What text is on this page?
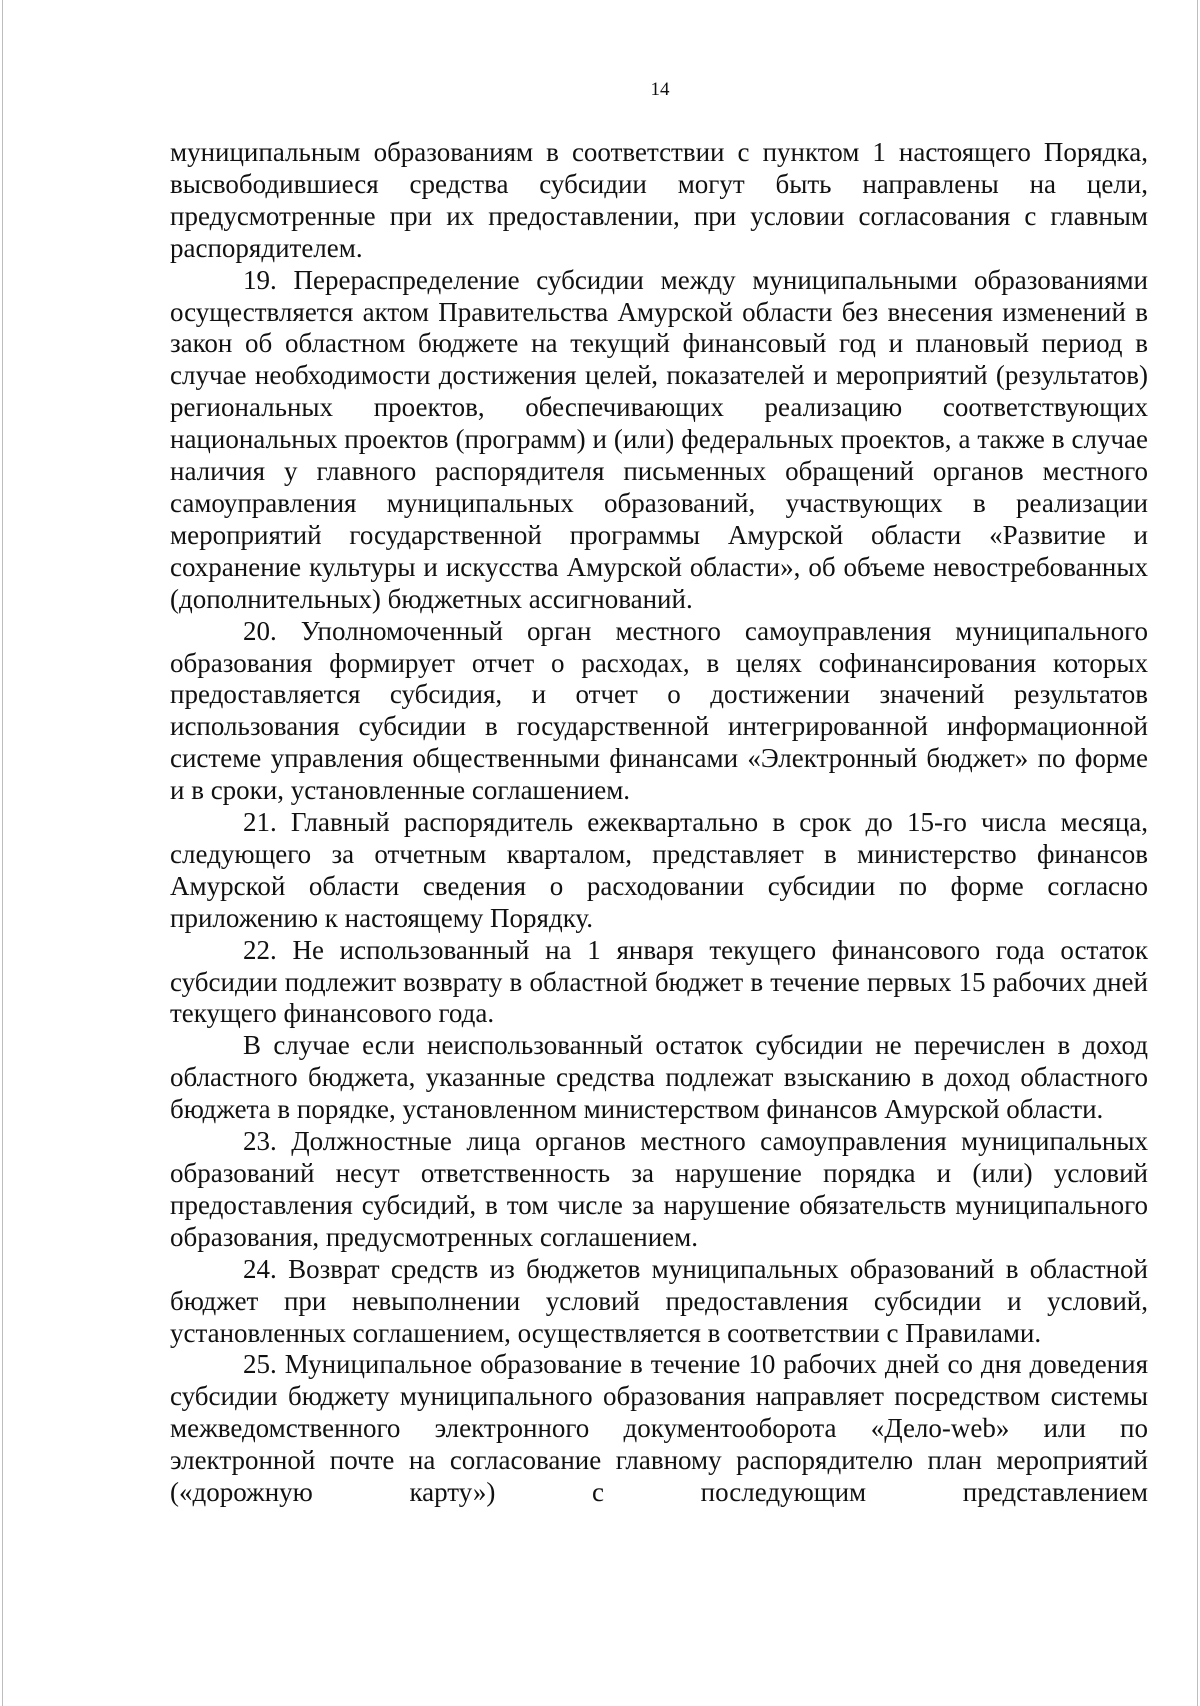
14

муниципальным образованиям в соответствии с пунктом 1 настоящего Порядка, высвободившиеся средства субсидии могут быть направлены на цели, предусмотренные при их предоставлении, при условии согласования с главным распорядителем.

19. Перераспределение субсидии между муниципальными образованиями осуществляется актом Правительства Амурской области без внесения изменений в закон об областном бюджете на текущий финансовый год и плановый период в случае необходимости достижения целей, показателей и мероприятий (результатов) региональных проектов, обеспечивающих реализацию соответствующих национальных проектов (программ) и (или) федеральных проектов, а также в случае наличия у главного распорядителя письменных обращений органов местного самоуправления муниципальных образований, участвующих в реализации мероприятий государственной программы Амурской области «Развитие и сохранение культуры и искусства Амурской области», об объеме невостребованных (дополнительных) бюджетных ассигнований.

20. Уполномоченный орган местного самоуправления муниципального образования формирует отчет о расходах, в целях софинансирования которых предоставляется субсидия, и отчет о достижении значений результатов использования субсидии в государственной интегрированной информационной системе управления общественными финансами «Электронный бюджет» по форме и в сроки, установленные соглашением.

21. Главный распорядитель ежеквартально в срок до 15-го числа месяца, следующего за отчетным кварталом, представляет в министерство финансов Амурской области сведения о расходовании субсидии по форме согласно приложению к настоящему Порядку.

22. Не использованный на 1 января текущего финансового года остаток субсидии подлежит возврату в областной бюджет в течение первых 15 рабочих дней текущего финансового года.

В случае если неиспользованный остаток субсидии не перечислен в доход областного бюджета, указанные средства подлежат взысканию в доход областного бюджета в порядке, установленном министерством финансов Амурской области.

23. Должностные лица органов местного самоуправления муниципальных образований несут ответственность за нарушение порядка и (или) условий предоставления субсидий, в том числе за нарушение обязательств муниципального образования, предусмотренных соглашением.

24. Возврат средств из бюджетов муниципальных образований в областной бюджет при невыполнении условий предоставления субсидии и условий, установленных соглашением, осуществляется в соответствии с Правилами.

25. Муниципальное образование в течение 10 рабочих дней со дня доведения субсидии бюджету муниципального образования направляет посредством системы межведомственного электронного документооборота «Дело-web» или по электронной почте на согласование главному распорядителю план мероприятий («дорожную карту») с последующим представлением
